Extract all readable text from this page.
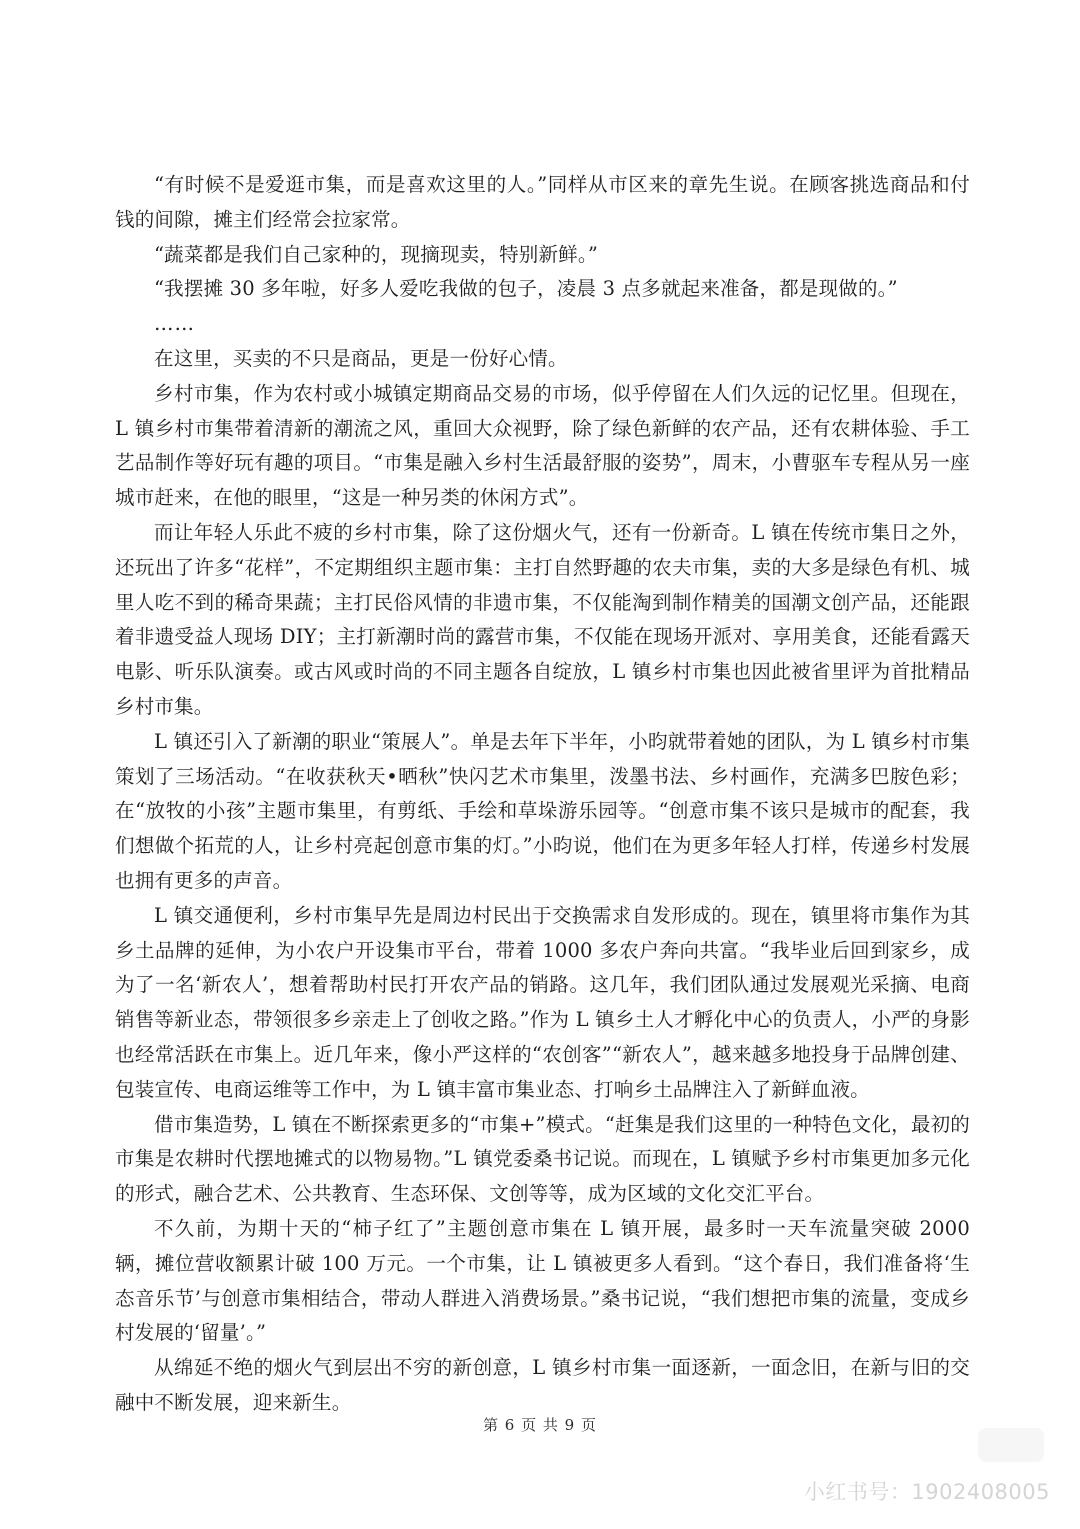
“有时候不是爱逛市集，而是喜欢这里的人。”同样从市区来的章先生说。在顾客挑选商品和付钱的间隙，摊主们经常会拉家常。

“蔬菜都是我们自己家种的，现摘现卖，特别新鲜。”

“我摆摊 30 多年啦，好多人爱吃我做的包子，凌晨 3 点多就起来准备，都是现做的。”

……

在这里，买卖的不只是商品，更是一份好心情。

乡村市集，作为农村或小城镇定期商品交易的市场，似乎停留在人们久远的记忆里。但现在，L 镇乡村市集带着清新的潮流之风，重回大众视野，除了绿色新鲜的农产品，还有农耕体验、手工艺品制作等好玩有趣的项目。“市集是融入乡村生活最舒服的姿势”，周末，小曹驱车专程从另一座城市赶来，在他的眼里，“这是一种另类的休闲方式”。

而让年轻人乐此不疲的乡村市集，除了这份烟火气，还有一份新奇。L 镇在传统市集日之外，还玩出了许多“花样”，不定期组织主题市集：主打自然野趣的农夫市集，卖的大多是绿色有机、城里人吃不到的稀奇果蔬；主打民俗风情的非遗市集，不仅能淘到制作精美的国潮文创产品，还能跟着非遗受益人现场 DIY；主打新潮时尚的露营市集，不仅能在现场开派对、享用美食，还能看露天电影、听乐队演奏。或古风或时尚的不同主题各自绽放，L 镇乡村市集也因此被省里评为首批精品乡村市集。

L 镇还引入了新潮的职业“策展人”。单是去年下半年，小昀就带着她的团队，为 L 镇乡村市集策划了三场活动。“在收获秋天•晒秋”快闪艺术市集里，泼墨书法、乡村画作，充满多巴胺色彩；在“放牧的小孩”主题市集里，有剪纸、手绘和草垛游乐园等。“创意市集不该只是城市的配套，我们想做个拓荒的人，让乡村亮起创意市集的灯。”小昀说，他们在为更多年轻人打样，传递乡村发展也拥有更多的声音。

L 镇交通便利，乡村市集早先是周边村民出于交换需求自发形成的。现在，镇里将市集作为其乡土品牌的延伸，为小农户开设集市平台，带着 1000 多农户奔向共富。“我毕业后回到家乡，成为了一名‘新农人’，想着帮助村民打开农产品的销路。这几年，我们团队通过发展观光采摘、电商销售等新业态，带领很多乡亲走上了创收之路。”作为 L 镇乡土人才孵化中心的负责人，小严的身影也经常活跃在市集上。近几年来，像小严这样的“农创客”“新农人”，越来越多地投身于品牌创建、包装宣传、电商运维等工作中，为 L 镇丰富市集业态、打响乡土品牌注入了新鲜血液。

借市集造势，L 镇在不断探索更多的“市集+”模式。“赶集是我们这里的一种特色文化，最初的市集是农耕时代摆地摊式的以物易物。”L 镇党委桑书记说。而现在，L 镇赋予乡村市集更加多元化的形式，融合艺术、公共教育、生态环保、文创等等，成为区域的文化交汇平台。

不久前，为期十天的“柿子红了”主题创意市集在 L 镇开展，最多时一天车流量突破 2000 辆，摊位营收额累计破 100 万元。一个市集，让 L 镇被更多人看到。“这个春日，我们准备将‘生态音乐节’与创意市集相结合，带动人群进入消费场景。”桑书记说，“我们想把市集的流量，变成乡村发展的‘留量’。”

从绵延不绝的烟火气到层出不穷的新创意，L 镇乡村市集一面逐新，一面念旧，在新与旧的交融中不断发展，迎来新生。

第 6 页 共 9 页
小红书号：1902408005
